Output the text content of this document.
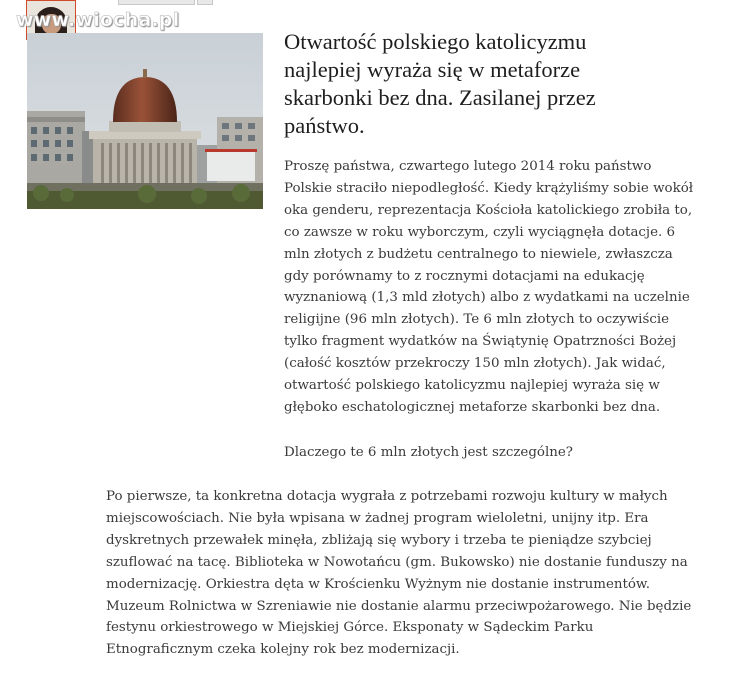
www.wiocha.pl
Otwartość polskiego katolicyzmu
najlepiej wyraża się w metaforze
skarbonki bez dna. Zasilanej przez
państwo.

Proszę państwa, czwartego lutego 2014 roku państwo
Polskie straciło niepodległość. Kiedy krążyliśmy sobie wokół
oka genderu, reprezentacja Kościoła katolickiego zrobiła to,
co zawsze w roku wyborczym, czyli wyciągnęła dotacje. 6
mln złotych z budżetu centralnego to niewiele, zwłaszcza
gdy porównamy to z rocznymi dotacjami na edukację
wyznaniową (1,3 mld złotych) albo z wydatkami na uczelnie
religijne (96 mln złotych). Te 6 mln złotych to oczywiście
tylko fragment wydatków na Świątynię Opatrzności Bożej
(całość kosztów przekroczy 150 mln złotych). Jak widać,
otwartość polskiego katolicyzmu najlepiej wyraża się w
głęboko eschatologicznej metaforze skarbonki bez dna.

Dlaczego te 6 mln złotych jest szczególne?

Po pierwsze, ta konkretna dotacja wygrała z potrzebami rozwoju kultury w małych
miejscowościach. Nie była wpisana w żadnej program wieloletni, unijny itp. Era
dyskretnych przewałek minęła, zbliżają się wybory i trzeba te pieniądze szybciej
szuflować na tacę. Biblioteka w Nowotańcu (gm. Bukowsko) nie dostanie funduszy na
modernizację. Orkiestra dęta w Krościenku Wyżnym nie dostanie instrumentów.
Muzeum Rolnictwa w Szreniawie nie dostanie alarmu przeciwpożarowego. Nie będzie
festynu orkiestrowego w Miejskiej Górce. Eksponaty w Sądeckim Parku
Etnograficznym czeka kolejny rok bez modernizacji.
